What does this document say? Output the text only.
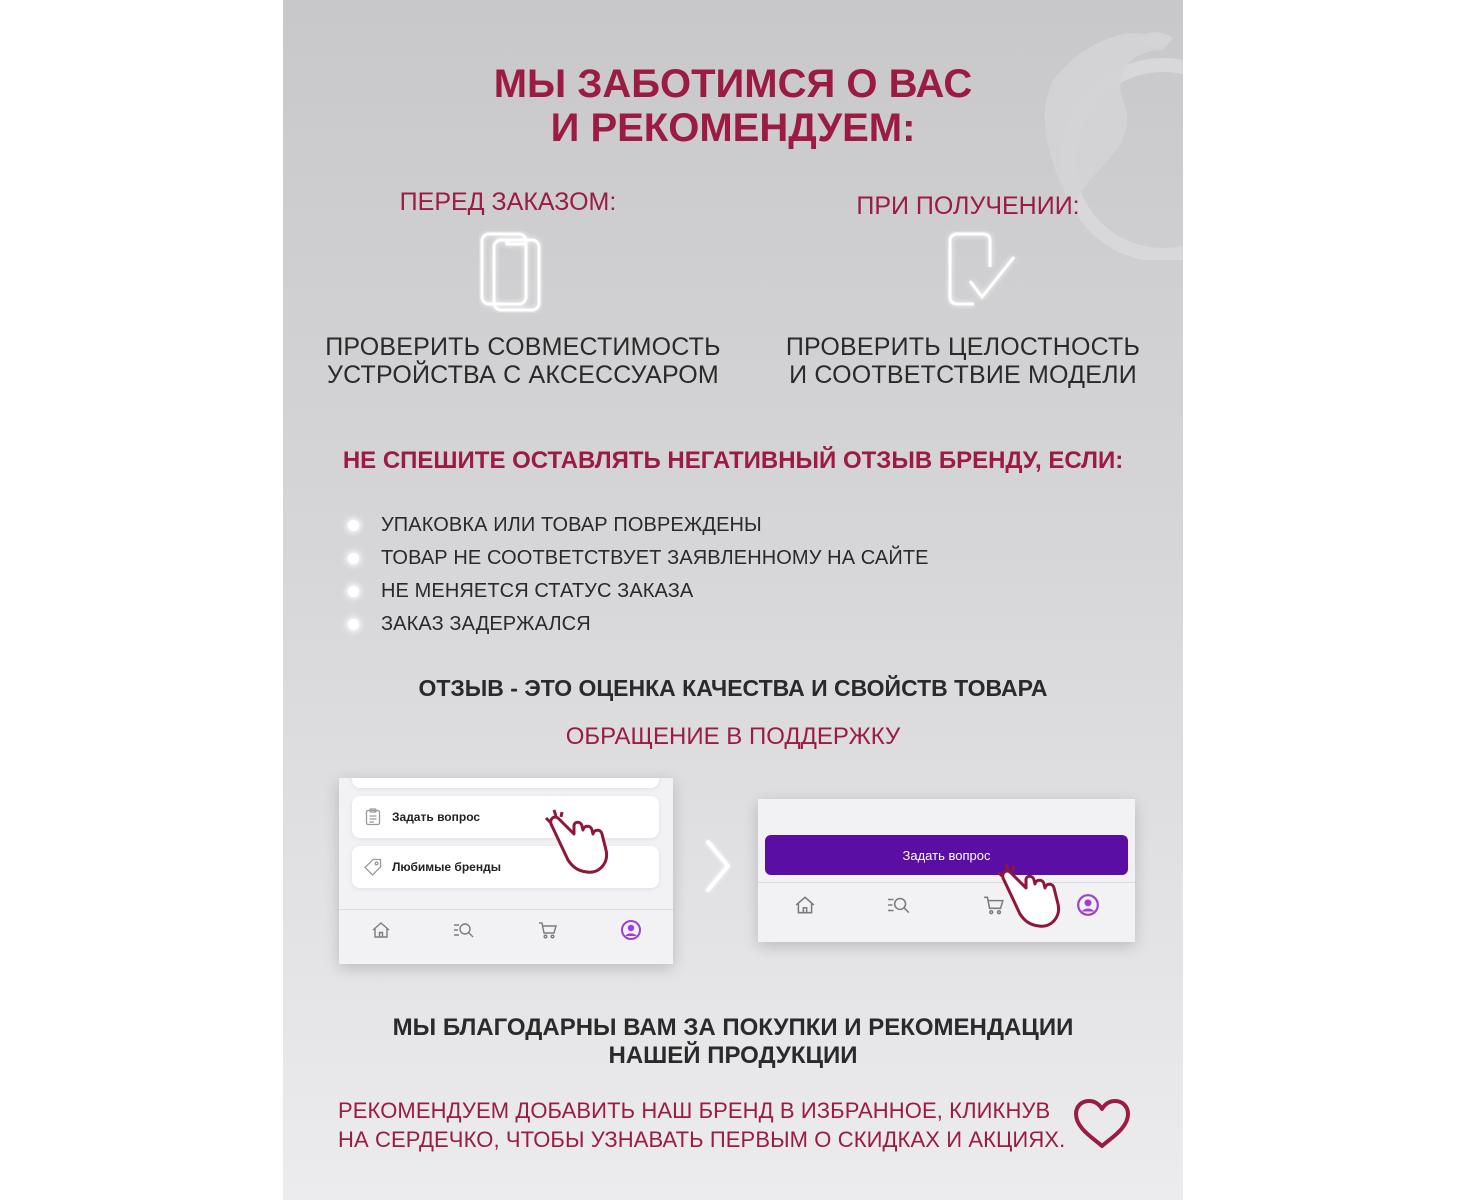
МЫ ЗАБОТИМСЯ О ВАС
И РЕКОМЕНДУЕМ:
ПЕРЕД ЗАКАЗОМ:
ПРОВЕРИТЬ СОВМЕСТИМОСТЬ
УСТРОЙСТВА С АКСЕССУАРОМ
ПРИ ПОЛУЧЕНИИ:
ПРОВЕРИТЬ ЦЕЛОСТНОСТЬ
И СООТВЕТСТВИЕ МОДЕЛИ
НЕ СПЕШИТЕ ОСТАВЛЯТЬ НЕГАТИВНЫЙ ОТЗЫВ БРЕНДУ, ЕСЛИ:
УПАКОВКА ИЛИ ТОВАР ПОВРЕЖДЕНЫ
ТОВАР НЕ СООТВЕТСТВУЕТ ЗАЯВЛЕННОМУ НА САЙТЕ
НЕ МЕНЯЕТСЯ СТАТУС ЗАКАЗА
ЗАКАЗ ЗАДЕРЖАЛСЯ
ОТЗЫВ - ЭТО ОЦЕНКА КАЧЕСТВА И СВОЙСТВ ТОВАРА
ОБРАЩЕНИЕ В ПОДДЕРЖКУ
Задать вопрос
Любимые бренды
Задать вопрос
МЫ БЛАГОДАРНЫ ВАМ ЗА ПОКУПКИ И РЕКОМЕНДАЦИИ
НАШЕЙ ПРОДУКЦИИ
РЕКОМЕНДУЕМ ДОБАВИТЬ НАШ БРЕНД В ИЗБРАННОЕ, КЛИКНУВ
НА СЕРДЕЧКО, ЧТОБЫ УЗНАВАТЬ ПЕРВЫМ О СКИДКАХ И АКЦИЯХ.
